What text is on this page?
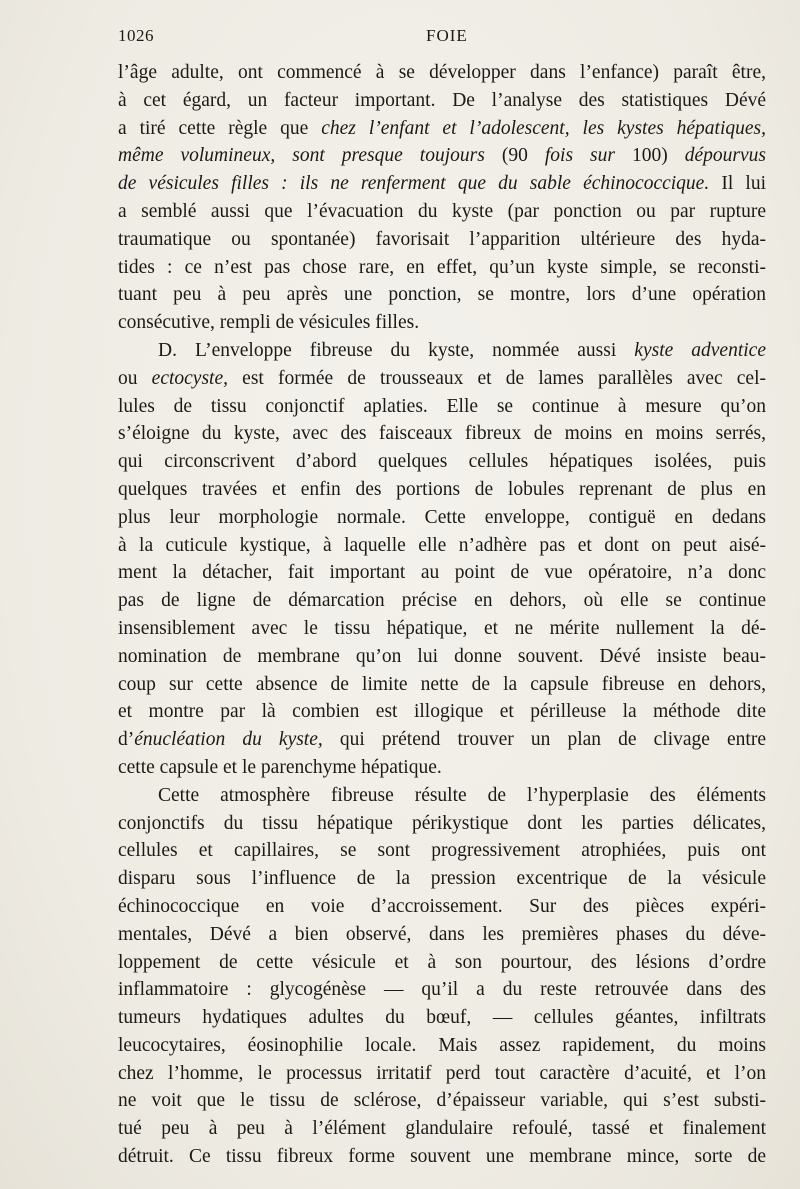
1026	FOIE
l’âge adulte, ont commencé à se développer dans l’enfance) paraît être,
à cet égard, un facteur important. De l’analyse des statistiques Dévé
a tiré cette règle que chez l’enfant et l’adolescent, les kystes hépatiques,
même volumineux, sont presque toujours (90 fois sur 100) dépourvus
de vésicules filles : ils ne renferment que du sable échinococcique. Il lui
a semblé aussi que l’évacuation du kyste (par ponction ou par rupture
traumatique ou spontanée) favorisait l’apparition ultérieure des hyda-
tides : ce n’est pas chose rare, en effet, qu’un kyste simple, se reconsti-
tuant peu à peu après une ponction, se montre, lors d’une opération
consécutive, rempli de vésicules filles.
D. L’enveloppe fibreuse du kyste, nommée aussi kyste adventice
ou ectocyste, est formée de trousseaux et de lames parallèles avec cel-
lules de tissu conjonctif aplaties. Elle se continue à mesure qu’on
s’éloigne du kyste, avec des faisceaux fibreux de moins en moins serrés,
qui circonscrivent d’abord quelques cellules hépatiques isolées, puis
quelques travées et enfin des portions de lobules reprenant de plus en
plus leur morphologie normale. Cette enveloppe, contiguë en dedans
à la cuticule kystique, à laquelle elle n’adhère pas et dont on peut aisé-
ment la détacher, fait important au point de vue opératoire, n’a donc
pas de ligne de démarcation précise en dehors, où elle se continue
insensiblement avec le tissu hépatique, et ne mérite nullement la dé-
nomination de membrane qu’on lui donne souvent. Dévé insiste beau-
coup sur cette absence de limite nette de la capsule fibreuse en dehors,
et montre par là combien est illogique et périlleuse la méthode dite
d’énucléation du kyste, qui prétend trouver un plan de clivage entre
cette capsule et le parenchyme hépatique.
Cette atmosphère fibreuse résulte de l’hyperplasie des éléments
conjonctifs du tissu hépatique périkystique dont les parties délicates,
cellules et capillaires, se sont progressivement atrophiées, puis ont
disparu sous l’influence de la pression excentrique de la vésicule
échinococcique en voie d’accroissement. Sur des pièces expéri-
mentales, Dévé a bien observé, dans les premières phases du déve-
loppement de cette vésicule et à son pourtour, des lésions d’ordre
inflammatoire : glycogénèse — qu’il a du reste retrouvée dans des
tumeurs hydatiques adultes du bœuf, — cellules géantes, infiltrats
leucocytaires, éosinophilie locale. Mais assez rapidement, du moins
chez l’homme, le processus irritatif perd tout caractère d’acuité, et l’on
ne voit que le tissu de sclérose, d’épaisseur variable, qui s’est substi-
tué peu à peu à l’élément glandulaire refoulé, tassé et finalement
détruit. Ce tissu fibreux forme souvent une membrane mince, sorte de
